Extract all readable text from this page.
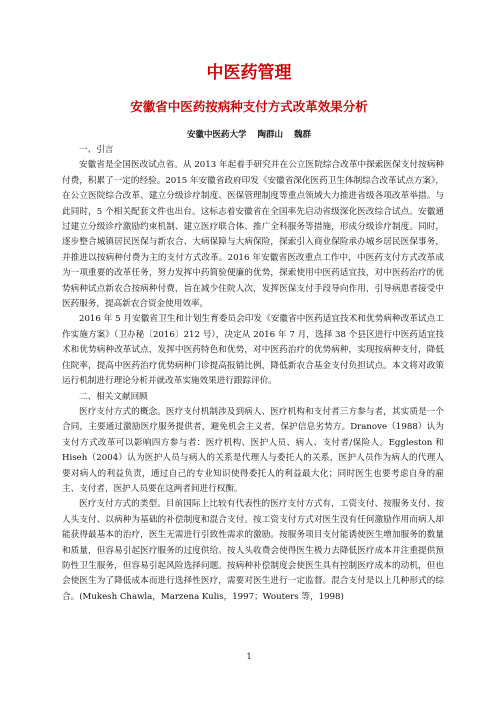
中医药管理
安徽省中医药按病种支付方式改革效果分析
安徽中医药大学 陶群山 魏群

一、引言

安徽省是全国医改试点省。从 2013 年起着手研究并在公立医院综合改革中探索医保支付按病种付费，积累了一定的经验。2015 年安徽省政府印发《安徽省深化医药卫生体制综合改革试点方案》，在公立医院综合改革、建立分级诊疗制度、医保管理制度等重点领域大力推进省级各项改革举措。与此同时，5 个相关配套文件也出台。这标志着安徽省在全国率先启动省级深化医改综合试点。安徽通过建立分级诊疗激励约束机制、建立医疗联合体、推广全科服务等措施，形成分级诊疗制度。同时，逐步整合城镇居民医保与新农合、大病保障与大病保险，探索引入商业保险承办城乡居民医保事务，并推进以按病种付费为主的支付方式改革。2016 年安徽省医改重点工作中，中医药支付方式改革成为一项重要的改革任务，努力发挥中药简验便廉的优势，探索使用中医药适宜技，对中医药治疗的优势病种试点新农合按病种付费，旨在减少住院人次，发挥医保支付手段导向作用，引导病患者接受中医药服务，提高新农合资金使用效率。

2016 年 5 月安徽省卫生和计划生育委员会印发《安徽省中医药适宜技术和优势病种改革试点工作实施方案》（卫办秘〔2016〕212 号），决定从 2016 年 7 月，选择 38 个县区进行中医药适宜技术和优势病种改革试点，发挥中医药特色和优势，对中医药治疗的优势病种，实现按病种支付，降低住院率，提高中医药治疗优势病种门诊提高报销比例，降低新农合基金支付负担试点。本文将对政策运行机制进行理论分析并就改革实施效果进行跟踪评价。

二、相关文献回顾

医疗支付方式的概念。医疗支付机制涉及到病人、医疗机构和支付者三方参与者，其实质是一个合同，主要通过激励医疗服务提供者，避免机会主义者，保护信息劣势方。Dranove（1988）认为支付方式改革可以影响四方参与者：医疗机构、医护人员、病人、支付者/保险人。Eggleston 和 Hiseh（2004）认为医护人员与病人的关系是代理人与委托人的关系，医护人员作为病人的代理人要对病人的利益负责，通过自己的专业知识使得委托人的利益最大化；同时医生也要考虑自身的雇主、支付者，医护人员要在这两者间进行权衡。

医疗支付方式的类型。目前国际上比较有代表性的医疗支付方式有，工资支付、按服务支付、按人头支付、以病种为基础的补偿制度和混合支付。按工资支付方式对医生没有任何激励作用而病人却能获得最基本的治疗，医生无需进行引致性需求的激励。按服务项目支付能诱使医生增加服务的数量和质量，但容易引起医疗服务的过度供给。按人头收费会使得医生极力去降低医疗成本并注重提供预防性卫生服务，但容易引起风险选择问题。按病种补偿制度会使医生具有控制医疗成本的动机，但也会使医生为了降低成本而进行选择性医疗，需要对医生进行一定监督。混合支付是以上几种形式的综合。(Mukesh Chawla，Marzena Kulis，1997；Wouters 等，1998)

1
